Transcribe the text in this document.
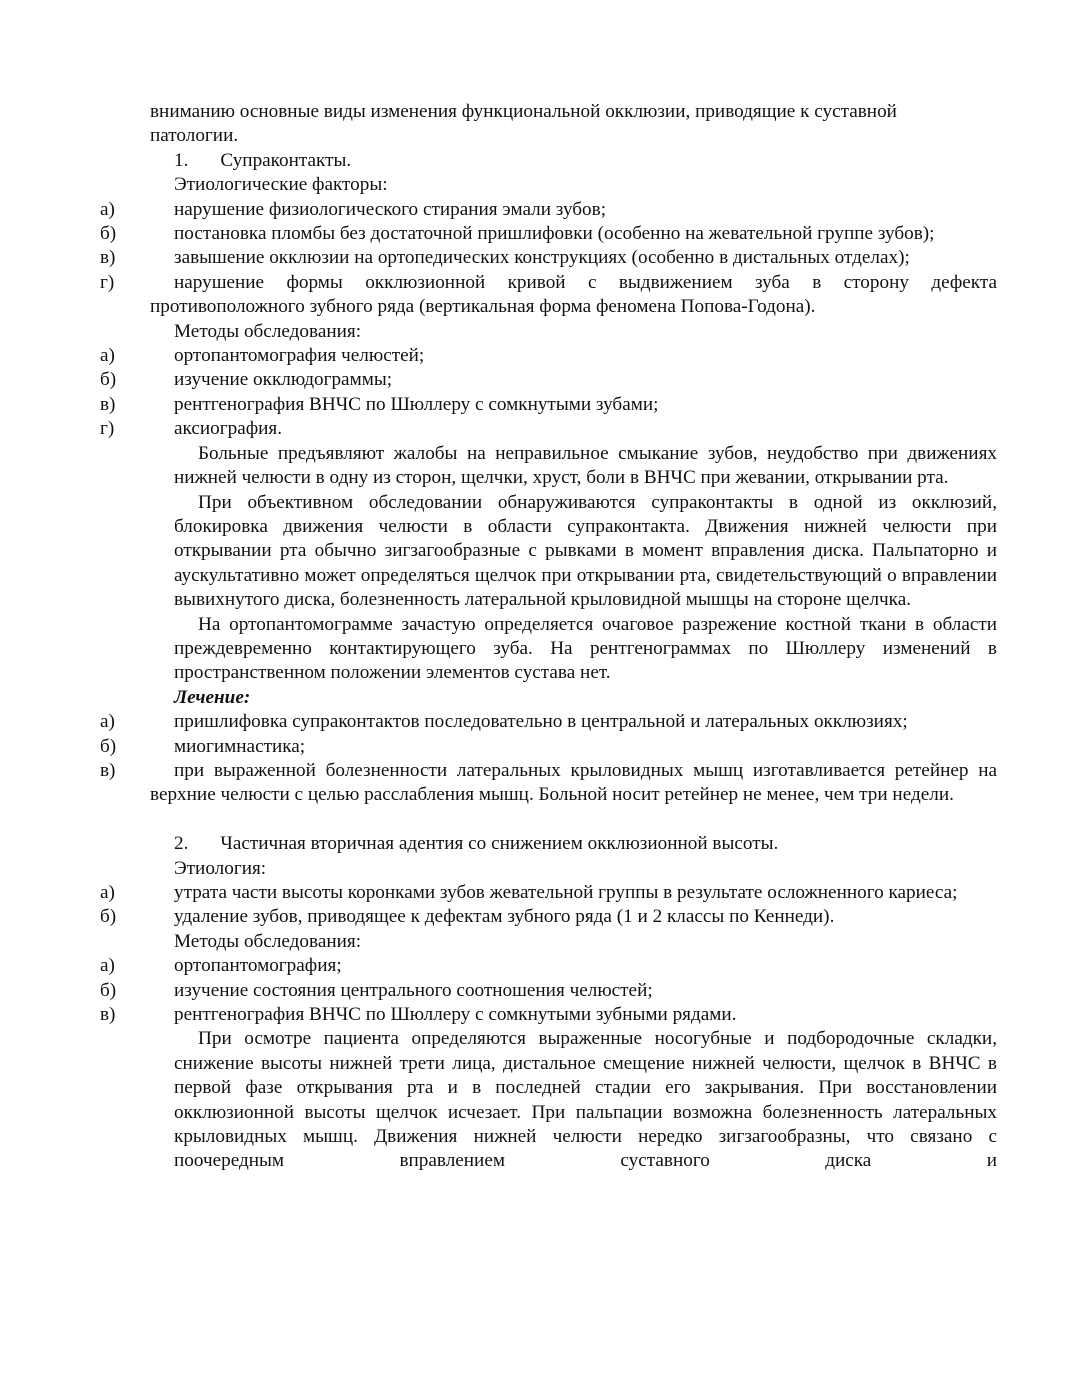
вниманию основные виды изменения функциональной окклюзии, приводящие к суставной

патологии.

1. Супраконтакты.

Этиологические факторы:

а)	нарушение физиологического стирания эмали зубов;

б)	постановка пломбы без достаточной пришлифовки (особенно на жевательной группе зубов);

в)	завышение окклюзии на ортопедических конструкциях (особенно в дистальных отделах);

г)	нарушение формы окклюзионной кривой с выдвижением зуба в сторону дефекта противоположного зубного ряда (вертикальная форма феномена Попова-Годона).

Методы обследования:

а)	ортопантомография челюстей;

б)	изучение окклюдограммы;

в)	рентгенография ВНЧС по Шюллеру с сомкнутыми зубами;

г)	аксиография.

Больные предъявляют жалобы на неправильное смыкание зубов, неудобство при движениях нижней челюсти в одну из сторон, щелчки, хруст, боли в ВНЧС при жевании, открывании рта.

При объективном обследовании обнаруживаются супраконтакты в одной из окклюзий, блокировка движения челюсти в области супраконтакта. Движения нижней челюсти при открывании рта обычно зигзагообразные с рывками в момент вправления диска. Пальпаторно и аускультативно может определяться щелчок при открывании рта, свидетельствующий о вправлении вывихнутого диска, болезненность латеральной крыловидной мышцы на стороне щелчка.

На ортопантомограмме зачастую определяется очаговое разрежение костной ткани в области преждевременно контактирующего зуба. На рентгенограммах по Шюллеру изменений в пространственном положении элементов сустава нет.

Лечение:

а)	пришлифовка супраконтактов последовательно в центральной и латеральных окклюзиях;

б)	миогимнастика;

в)	при выраженной болезненности латеральных крыловидных мышц изготавливается ретейнер на верхние челюсти с целью расслабления мышц. Больной носит ретейнер не менее, чем три недели.

2. Частичная вторичная адентия со снижением окклюзионной высоты.

Этиология:

а)	утрата части высоты коронками зубов жевательной группы в результате осложненного кариеса;

б)	удаление зубов, приводящее к дефектам зубного ряда (1 и 2 классы по Кеннеди).

Методы обследования:

а)	ортопантомография;

б)	изучение состояния центрального соотношения челюстей;

в)	рентгенография ВНЧС по Шюллеру с сомкнутыми зубными рядами.

При осмотре пациента определяются выраженные носогубные и подбородочные складки, снижение высоты нижней трети лица, дистальное смещение нижней челюсти, щелчок в ВНЧС в первой фазе открывания рта и в последней стадии его закрывания. При восстановлении окклюзионной высоты щелчок исчезает. При пальпации возможна болезненность латеральных крыловидных мышц. Движения нижней челюсти нередко зигзагообразны, что связано с поочередным вправлением суставного диска и
